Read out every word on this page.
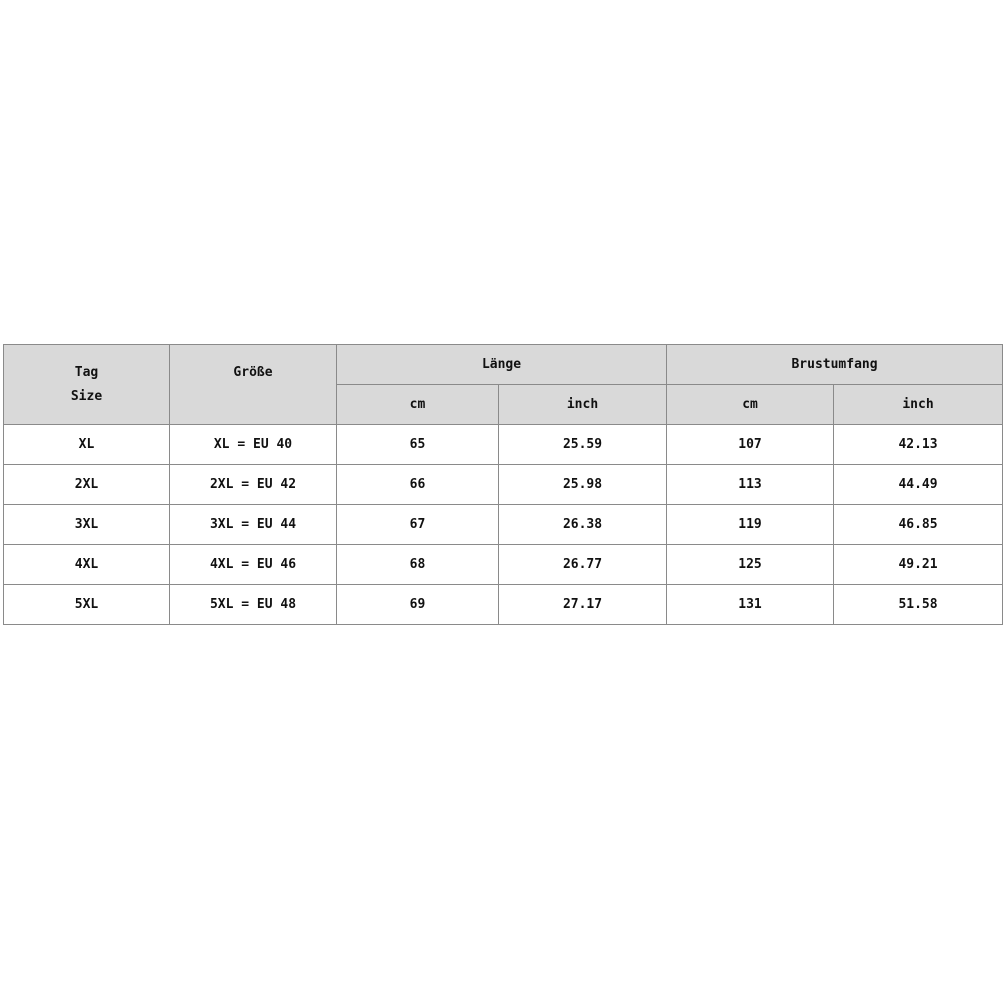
Tag
Size	Größe	Länge		Brustumfang	
		cm	inch	cm	inch
XL	XL = EU 40	65	25.59	107	42.13
2XL	2XL = EU 42	66	25.98	113	44.49
3XL	3XL = EU 44	67	26.38	119	46.85
4XL	4XL = EU 46	68	26.77	125	49.21
5XL	5XL = EU 48	69	27.17	131	51.58
